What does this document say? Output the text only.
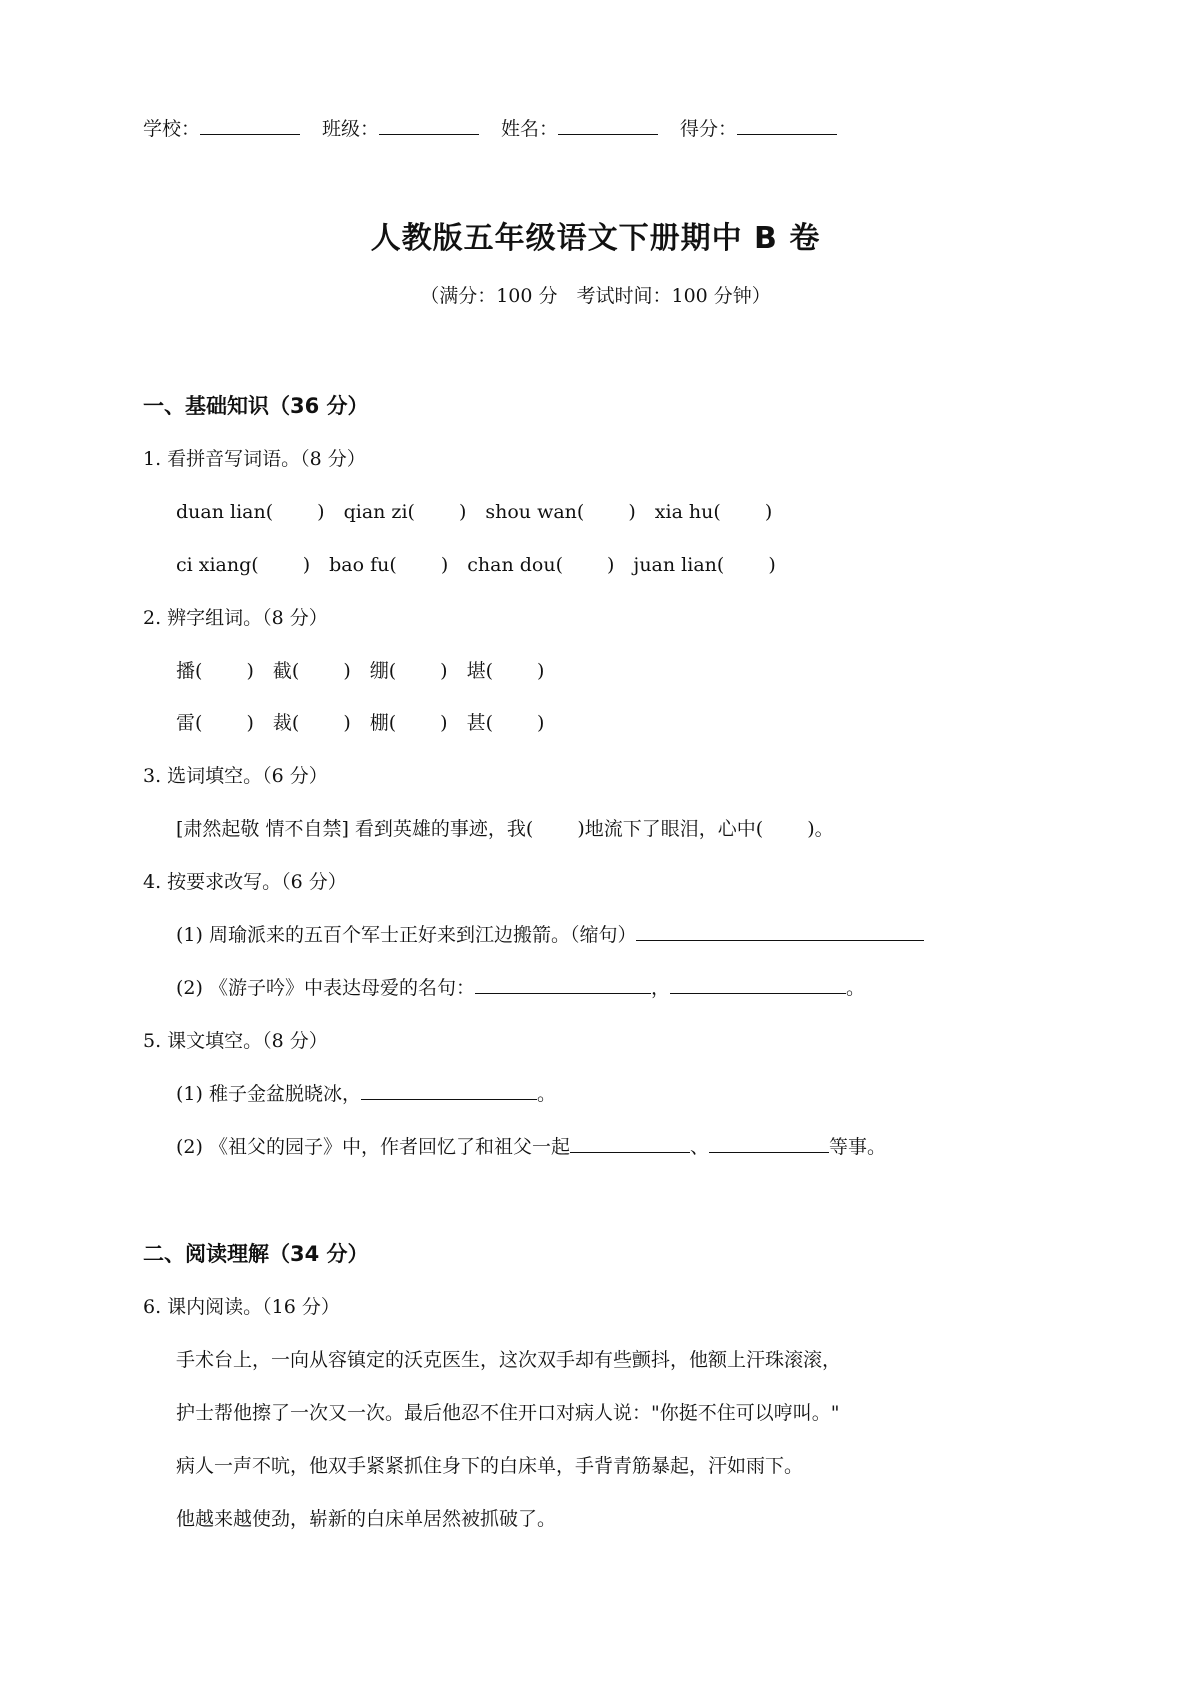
学校：	班级：	姓名：	得分：
人教版五年级语文下册期中 B 卷
（满分：100 分　考试时间：100 分钟）
一、基础知识（36 分）
1. 看拼音写词语。（8 分）
duan lian(　　 )　qian zi(　　 )　shou wan(　　 )　xia hu(　　 )
ci xiang(　　 )　bao fu(　　 )　chan dou(　　 )　juan lian(　　 )
2. 辨字组词。（8 分）
播(　　 )　截(　　 )　绷(　　 )　堪(　　 )
雷(　　 )　裁(　　 )　棚(　　 )　甚(　　 )
3. 选词填空。（6 分）
[肃然起敬 情不自禁] 看到英雄的事迹，我(　　 )地流下了眼泪，心中(　　 )。
4. 按要求改写。（6 分）
(1) 周瑜派来的五百个军士正好来到江边搬箭。（缩句）
(2) 《游子吟》中表达母爱的名句：	，	。
5. 课文填空。（8 分）
(1) 稚子金盆脱晓冰，	。
(2) 《祖父的园子》中，作者回忆了和祖父一起	、	等事。
二、阅读理解（34 分）
6. 课内阅读。（16 分）
手术台上，一向从容镇定的沃克医生，这次双手却有些颤抖，他额上汗珠滚滚，
护士帮他擦了一次又一次。最后他忍不住开口对病人说："你挺不住可以哼叫。"
病人一声不吭，他双手紧紧抓住身下的白床单，手背青筋暴起，汗如雨下。
他越来越使劲，崭新的白床单居然被抓破了。
